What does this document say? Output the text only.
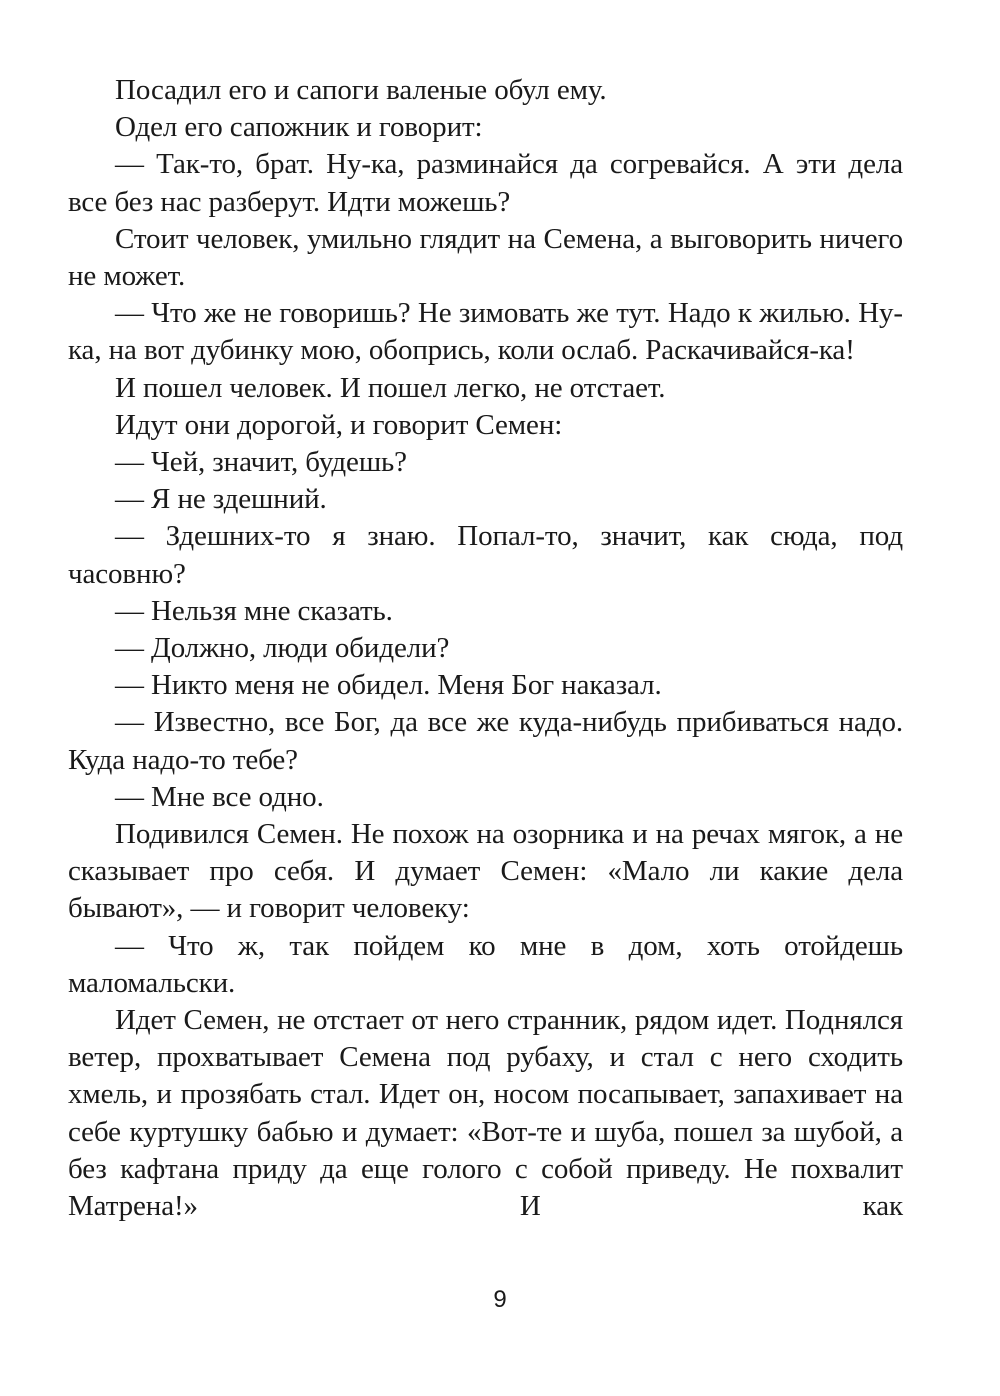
Посадил его и сапоги валеные обул ему.

Одел его сапожник и говорит:

— Так-то, брат. Ну-ка, разминайся да согревайся. А эти дела все без нас разберут. Идти можешь?

Стоит человек, умильно глядит на Семена, а выговорить ничего не может.

— Что же не говоришь? Не зимовать же тут. Надо к жилью. Ну-ка, на вот дубинку мою, обопрись, коли ослаб. Раскачивайся-ка!

И пошел человек. И пошел легко, не отстает.

Идут они дорогой, и говорит Семен:

— Чей, значит, будешь?

— Я не здешний.

— Здешних-то я знаю. Попал-то, значит, как сюда, под часовню?

— Нельзя мне сказать.

— Должно, люди обидели?

— Никто меня не обидел. Меня Бог наказал.

— Известно, все Бог, да все же куда-нибудь прибиваться надо. Куда надо-то тебе?

— Мне все одно.

Подивился Семен. Не похож на озорника и на речах мягок, а не сказывает про себя. И думает Семен: «Мало ли какие дела бывают», — и говорит человеку:

— Что ж, так пойдем ко мне в дом, хоть отойдешь маломальски.

Идет Семен, не отстает от него странник, рядом идет. Поднялся ветер, прохватывает Семена под рубаху, и стал с него сходить хмель, и прозябать стал. Идет он, носом посапывает, запахивает на себе куртушку бабью и думает: «Вот-те и шуба, пошел за шубой, а без кафтана приду да еще голого с собой приведу. Не похвалит Матрена!» И как

9
